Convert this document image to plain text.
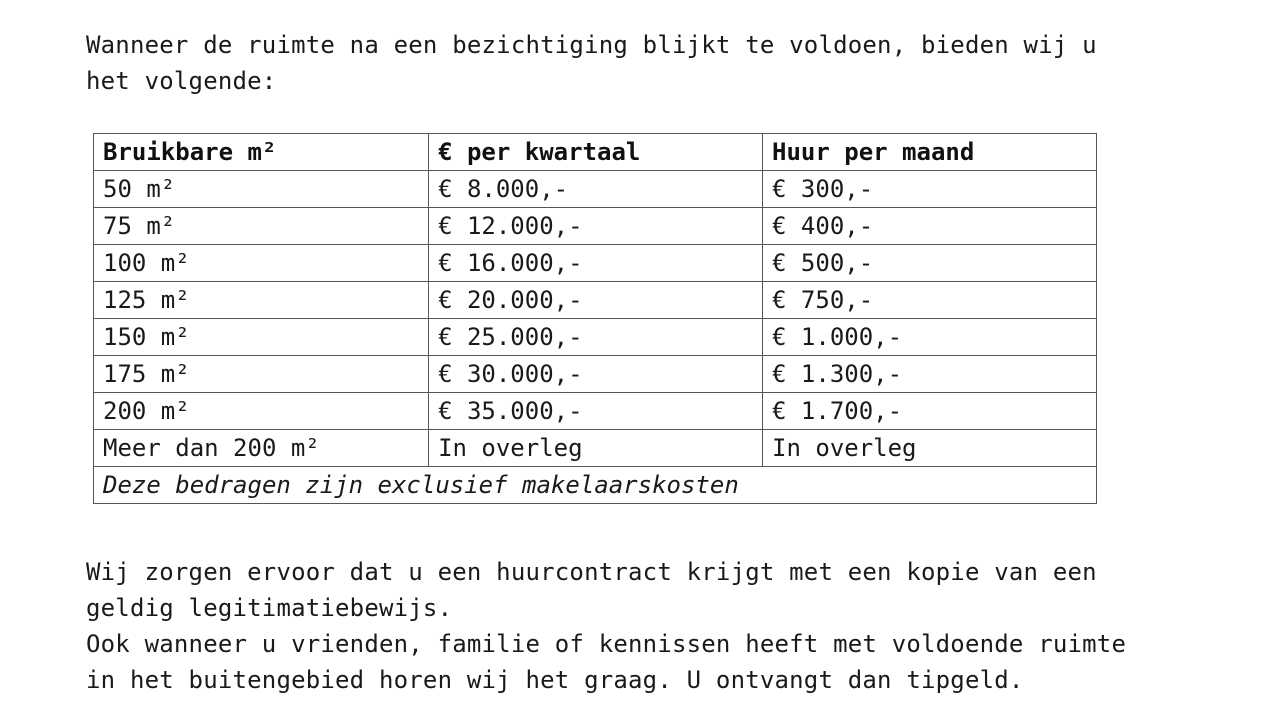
Wanneer de ruimte na een bezichtiging blijkt te voldoen, bieden wij u
het volgende:
Bruikbare m²	€ per kwartaal	Huur per maand
50 m²	€ 8.000,-	€ 300,-
75 m²	€ 12.000,-	€ 400,-
100 m²	€ 16.000,-	€ 500,-
125 m²	€ 20.000,-	€ 750,-
150 m²	€ 25.000,-	€ 1.000,-
175 m²	€ 30.000,-	€ 1.300,-
200 m²	€ 35.000,-	€ 1.700,-
Meer dan 200 m²	In overleg	In overleg
Deze bedragen zijn exclusief makelaarskosten		
Wij zorgen ervoor dat u een huurcontract krijgt met een kopie van een
geldig legitimatiebewijs.
Ook wanneer u vrienden, familie of kennissen heeft met voldoende ruimte
in het buitengebied horen wij het graag. U ontvangt dan tipgeld.
